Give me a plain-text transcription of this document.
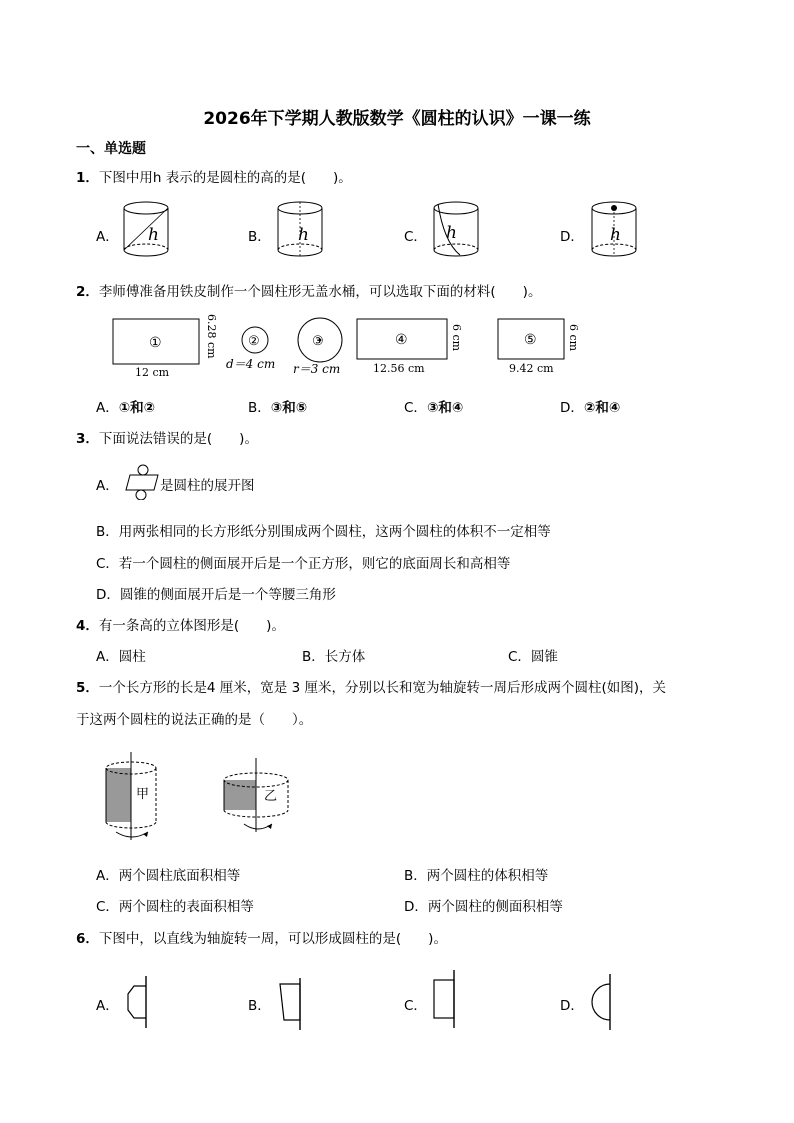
2026年下学期人教版数学《圆柱的认识》一课一练
一、单选题
1．下图中用h 表示的是圆柱的高的是(　　)。
A．	B．	C．	D．
h	h	h	h
2．李师傅准备用铁皮制作一个圆柱形无盖水桶，可以选取下面的材料(　　)。
①
12 cm
6.28 cm ②
d＝4 cm
③
r＝3 cm
④
12.56 cm
6 cm	⑤
9.42 cm
6 cm
A．①和②	B．③和⑤	C．③和④	D．②和④
3．下面说法错误的是(　　)。
A．	是圆柱的展开图
B．用两张相同的长方形纸分别围成两个圆柱，这两个圆柱的体积不一定相等
C．若一个圆柱的侧面展开后是一个正方形，则它的底面周长和高相等
D．圆锥的侧面展开后是一个等腰三角形
4．有一条高的立体图形是(　　)。
A．圆柱	B．长方体	C．圆锥
5．一个长方形的长是4 厘米，宽是 3 厘米，分别以长和宽为轴旋转一周后形成两个圆柱(如图)，关
于这两个圆柱的说法正确的是（　　）。
甲	乙
A．两个圆柱底面积相等	B．两个圆柱的体积相等
C．两个圆柱的表面积相等	D．两个圆柱的侧面积相等
6．下图中，以直线为轴旋转一周，可以形成圆柱的是(　　)。
A．	B．	C．	D．
